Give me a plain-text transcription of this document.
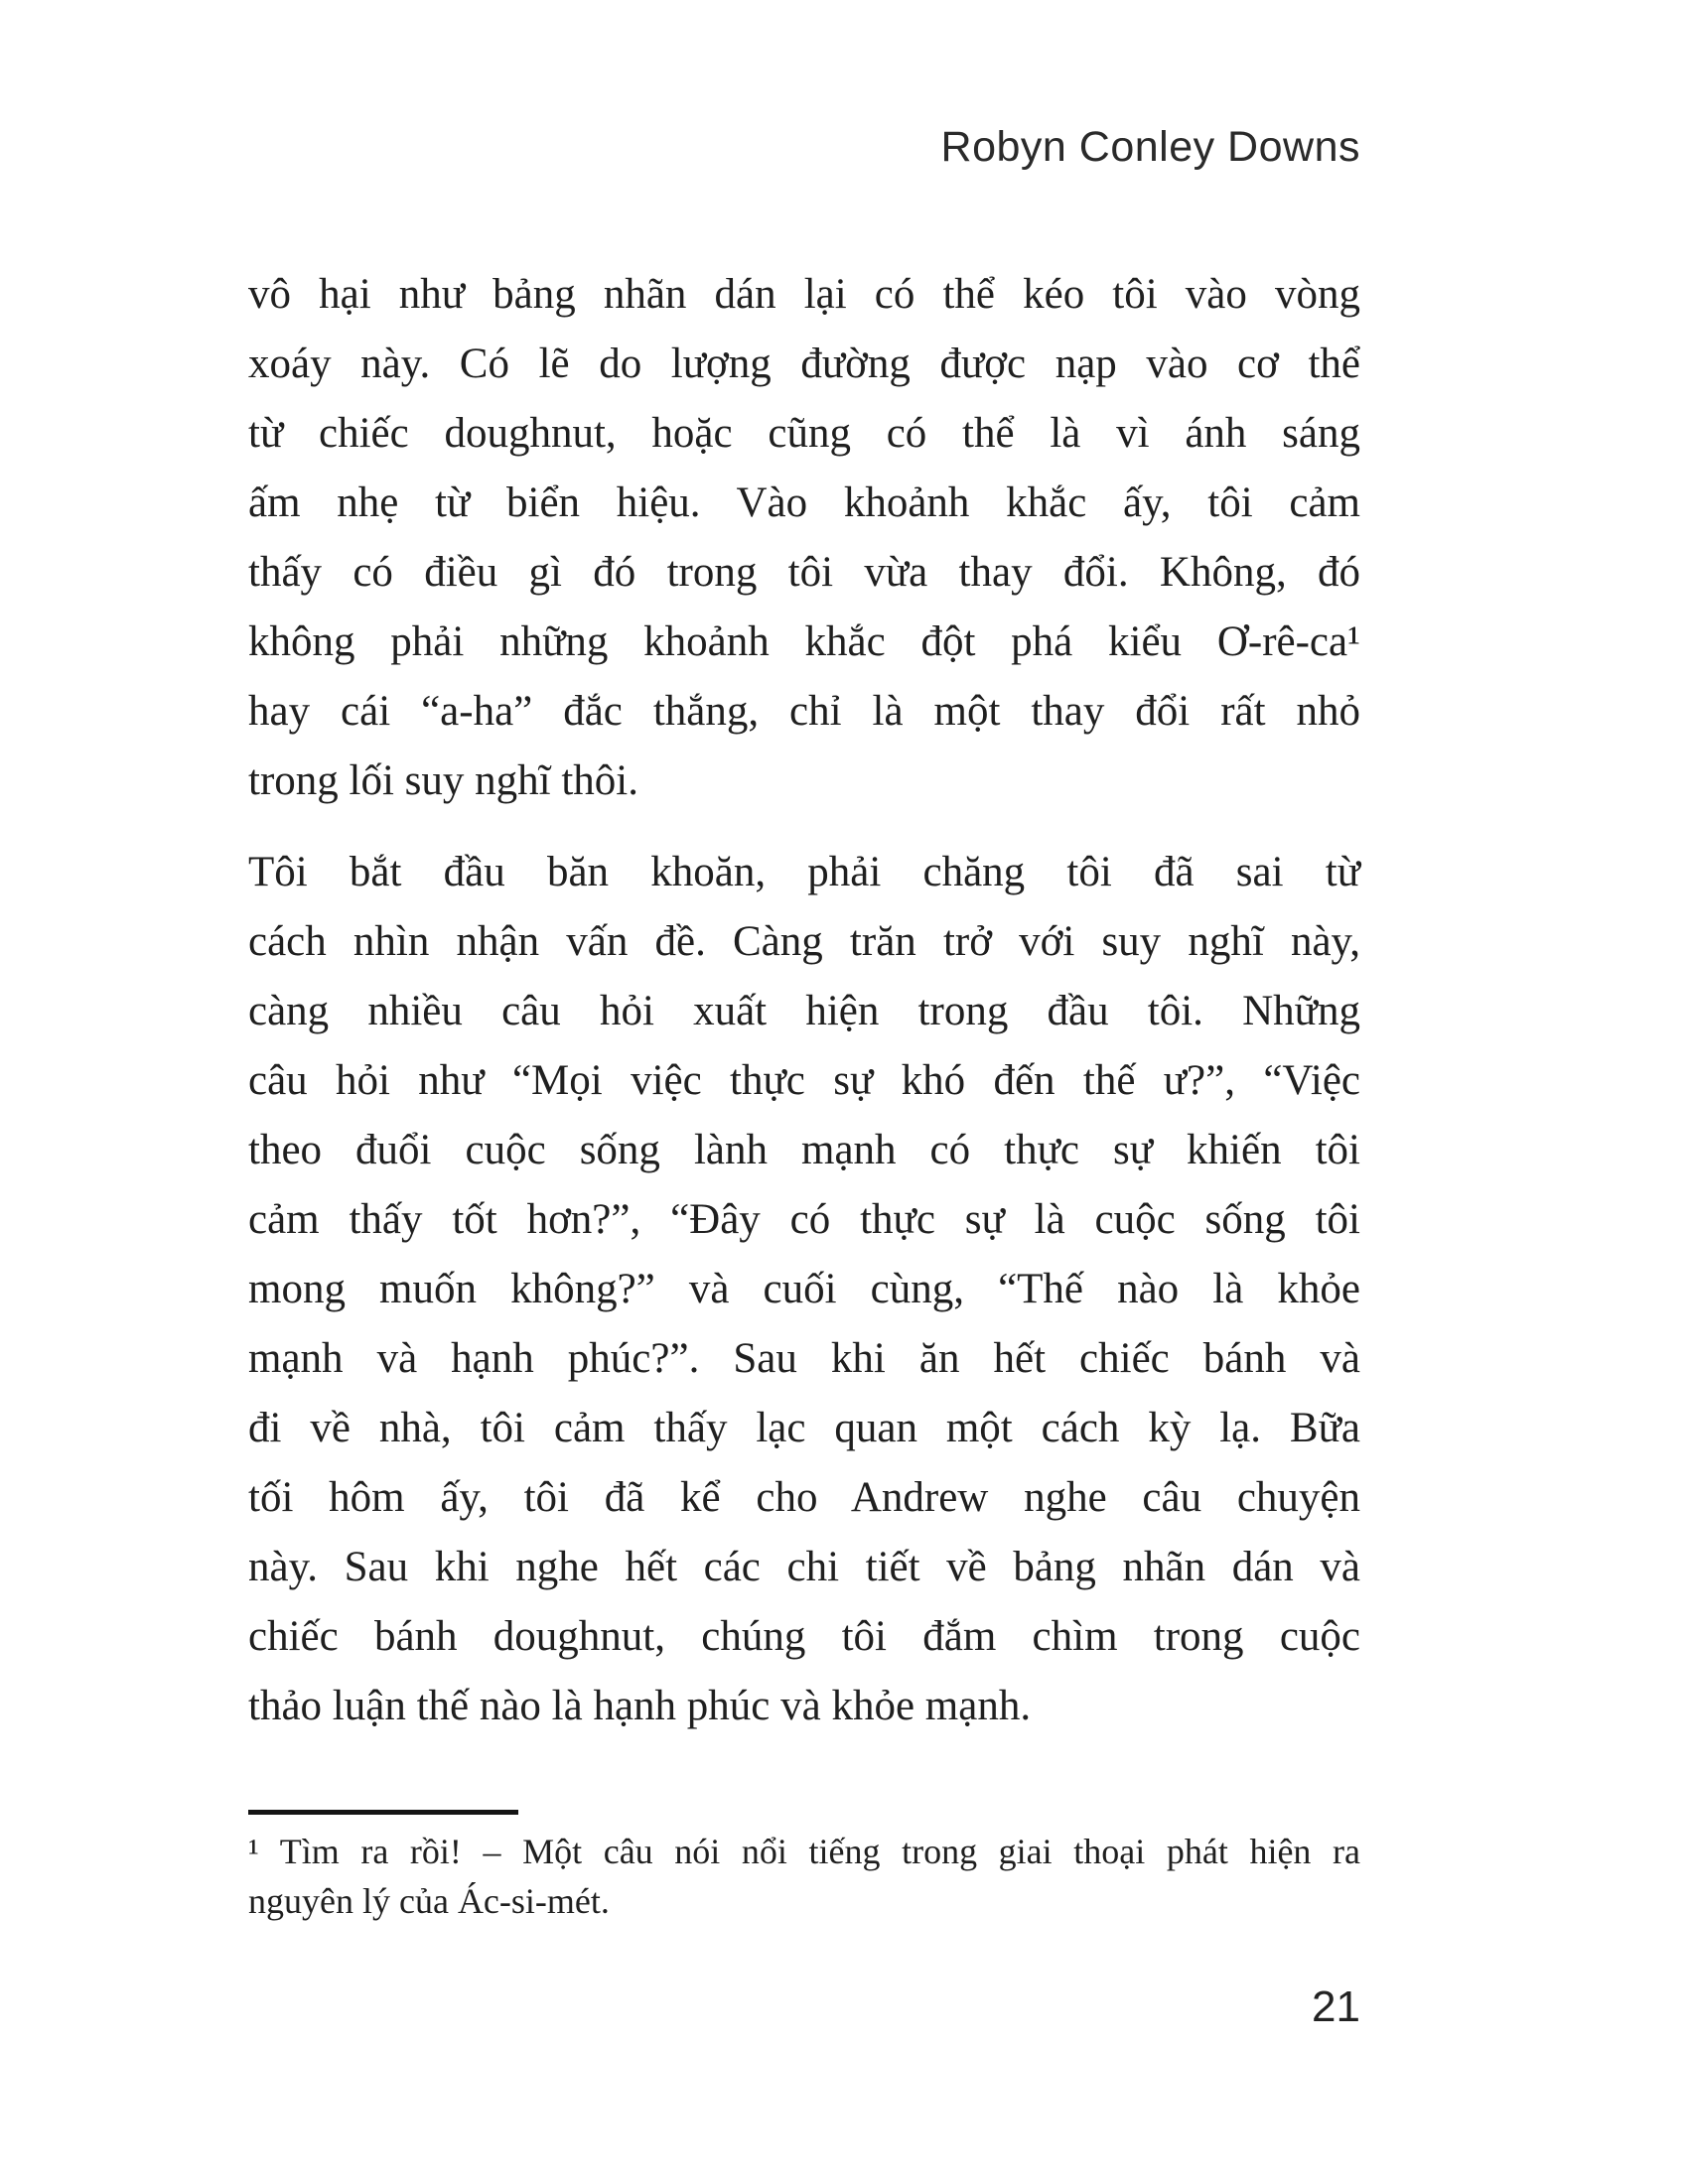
Robyn Conley Downs
vô hại như bảng nhãn dán lại có thể kéo tôi vào vòng
xoáy này. Có lẽ do lượng đường được nạp vào cơ thể
từ chiếc doughnut, hoặc cũng có thể là vì ánh sáng
ấm nhẹ từ biển hiệu. Vào khoảnh khắc ấy, tôi cảm
thấy có điều gì đó trong tôi vừa thay đổi. Không, đó
không phải những khoảnh khắc đột phá kiểu Ơ-rê-ca¹
hay cái “a-ha” đắc thắng, chỉ là một thay đổi rất nhỏ
trong lối suy nghĩ thôi.
Tôi bắt đầu băn khoăn, phải chăng tôi đã sai từ
cách nhìn nhận vấn đề. Càng trăn trở với suy nghĩ này,
càng nhiều câu hỏi xuất hiện trong đầu tôi. Những
câu hỏi như “Mọi việc thực sự khó đến thế ư?”, “Việc
theo đuổi cuộc sống lành mạnh có thực sự khiến tôi
cảm thấy tốt hơn?”, “Đây có thực sự là cuộc sống tôi
mong muốn không?” và cuối cùng, “Thế nào là khỏe
mạnh và hạnh phúc?”. Sau khi ăn hết chiếc bánh và
đi về nhà, tôi cảm thấy lạc quan một cách kỳ lạ. Bữa
tối hôm ấy, tôi đã kể cho Andrew nghe câu chuyện
này. Sau khi nghe hết các chi tiết về bảng nhãn dán và
chiếc bánh doughnut, chúng tôi đắm chìm trong cuộc
thảo luận thế nào là hạnh phúc và khỏe mạnh.
¹ Tìm ra rồi! – Một câu nói nổi tiếng trong giai thoại phát hiện ra
nguyên lý của Ác-si-mét.
21
